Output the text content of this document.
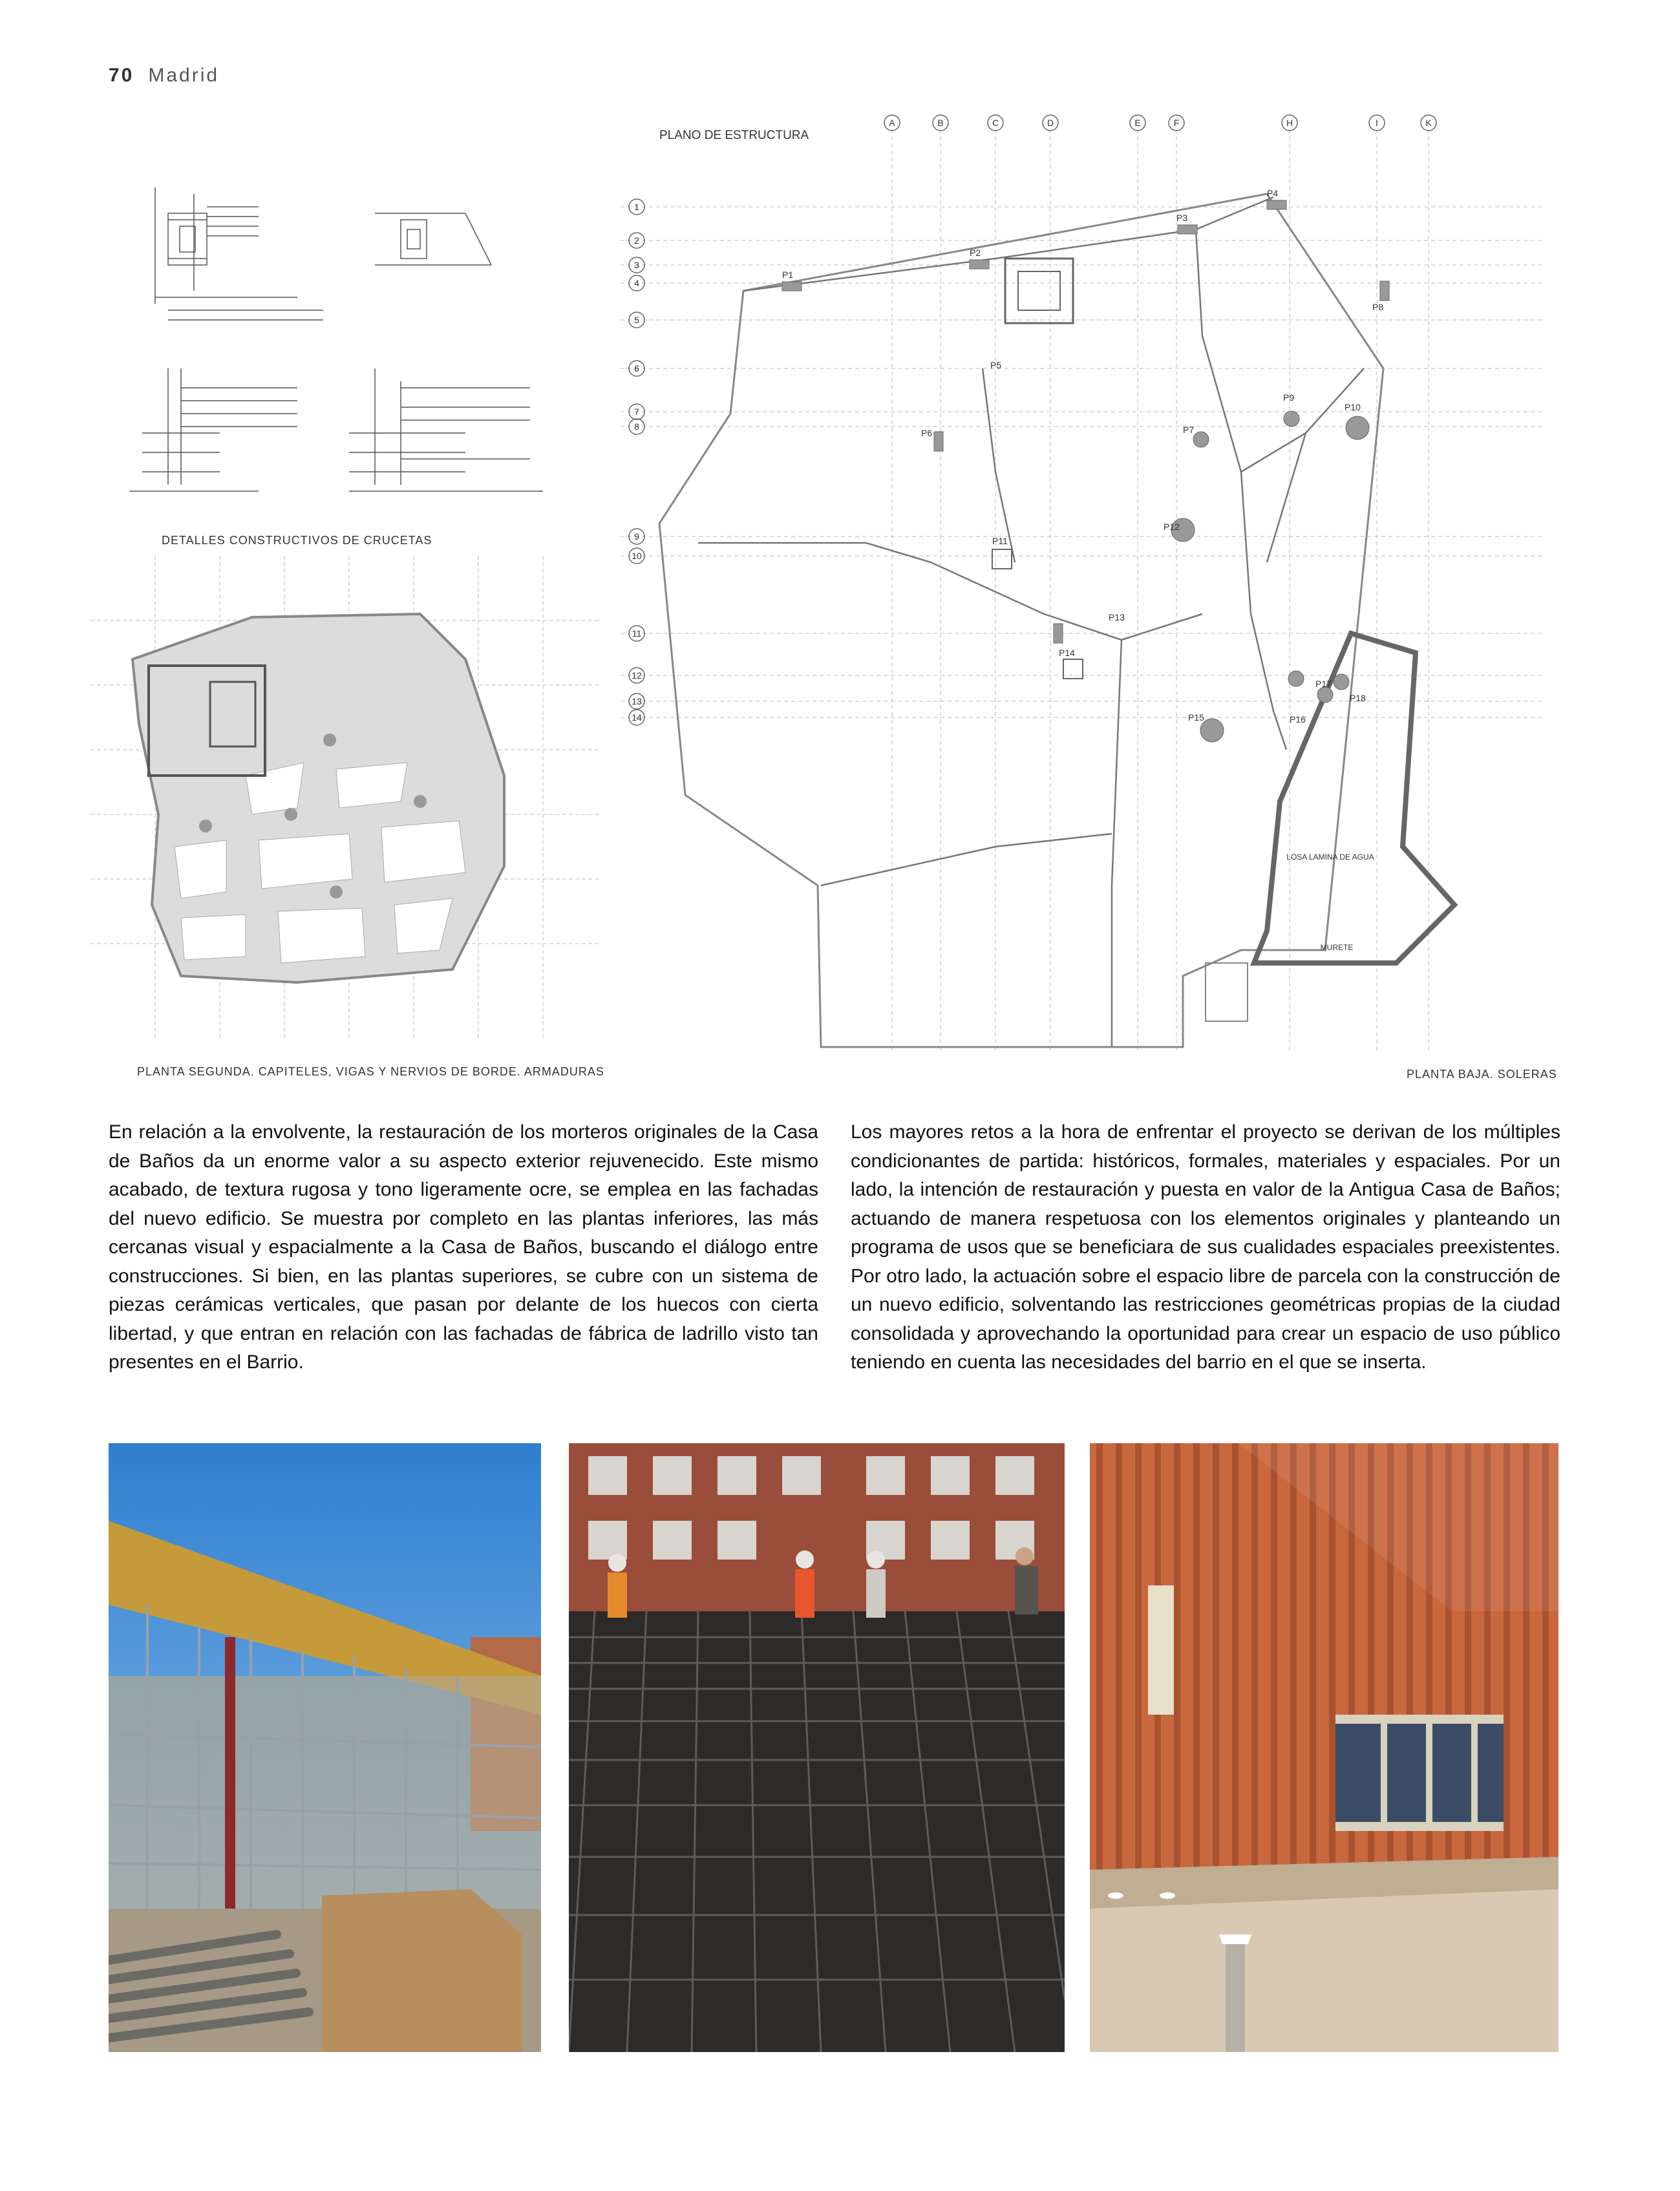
70 Madrid
DETALLES CONSTRUCTIVOS DE CRUCETAS
PLANTA SEGUNDA. CAPITELES, VIGAS Y NERVIOS DE BORDE. ARMADURAS
PLANO DE ESTRUCTURA
A	B	C	D	E	F	H	I	K
1
2
3
4
5
6
7
8
9
10
11
12
13
14
P1
P2
P3
P4
P5
P6	P7
P8
P9
P10
P11
P12
P13
P14
P15
P17
P18
P16
LOSA LAMINA DE AGUA
MURETE
PLANTA BAJA. SOLERAS
En relación a la envolvente, la restauración de los morteros originales de la Casa de Baños da un enorme valor a su aspecto exterior rejuvenecido. Este mismo acabado, de textura rugosa y tono ligeramente ocre, se emplea en las fachadas del nuevo edificio. Se muestra por completo en las plantas inferiores, las más cercanas visual y espacialmente a la Casa de Baños, buscando el diálogo entre construcciones. Si bien, en las plantas superiores, se cubre con un sistema de piezas cerámicas verticales, que pasan por delante de los huecos con cierta libertad, y que entran en relación con las fachadas de fábrica de ladrillo visto tan presentes en el Barrio.
Los mayores retos a la hora de enfrentar el proyecto se derivan de los múltiples condicionantes de partida: históricos, formales, materiales y espaciales. Por un lado, la intención de restauración y puesta en valor de la Antigua Casa de Baños; actuando de manera respetuosa con los elementos originales y planteando un programa de usos que se beneficiara de sus cualidades espaciales preexistentes. Por otro lado, la actuación sobre el espacio libre de parcela con la construcción de un nuevo edificio, solventando las restricciones geométricas propias de la ciudad consolidada y aprovechando la oportunidad para crear un espacio de uso público teniendo en cuenta las necesidades del barrio en el que se inserta.
